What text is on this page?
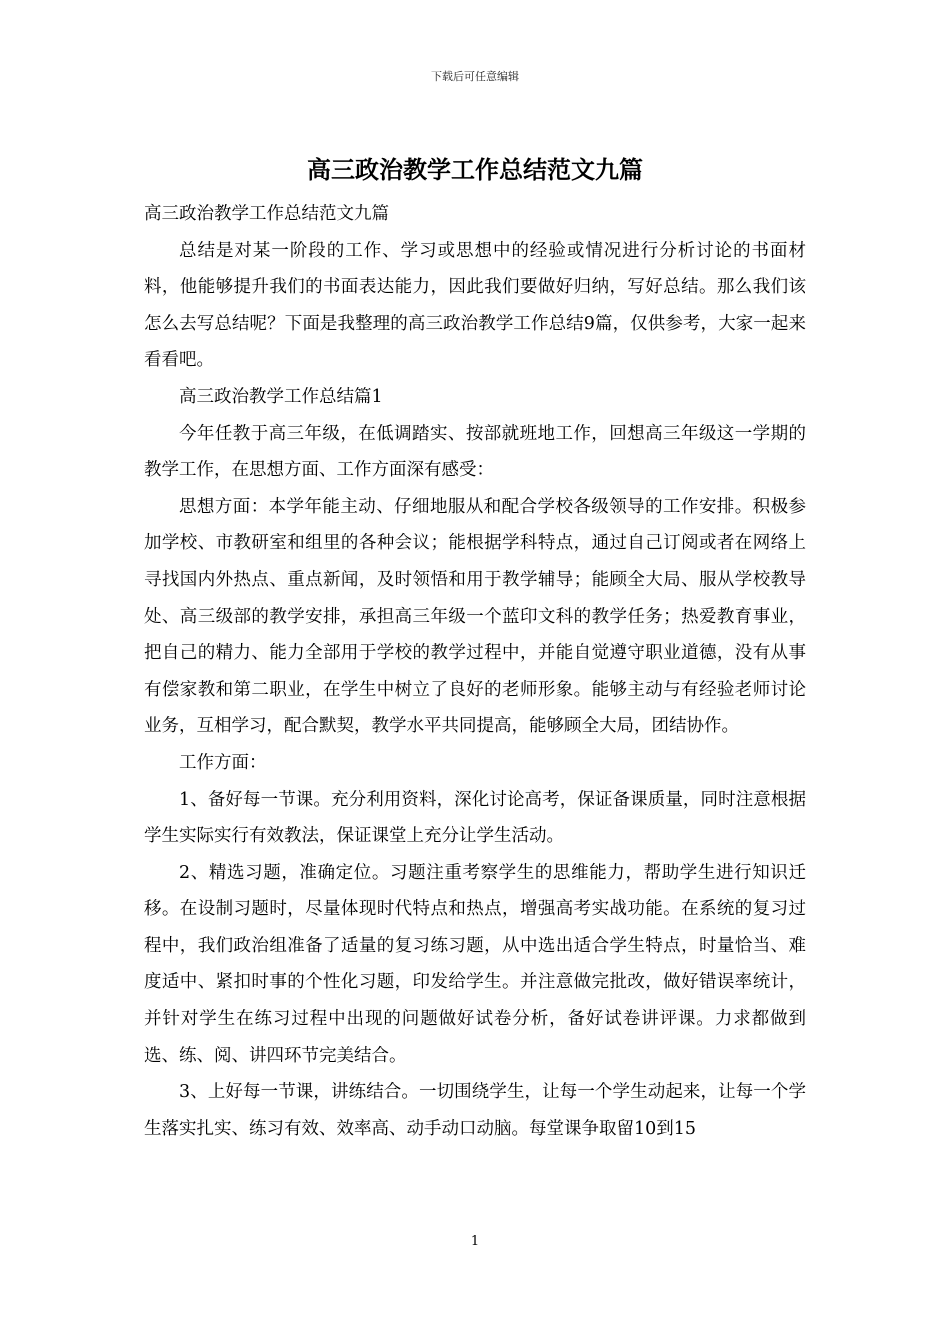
下载后可任意编辑
高三政治教学工作总结范文九篇

高三政治教学工作总结范文九篇

总结是对某一阶段的工作、学习或思想中的经验或情况进行分析讨论的书面材料，他能够提升我们的书面表达能力，因此我们要做好归纳，写好总结。那么我们该怎么去写总结呢？下面是我整理的高三政治教学工作总结9篇，仅供参考，大家一起来看看吧。

高三政治教学工作总结篇1

今年任教于高三年级，在低调踏实、按部就班地工作，回想高三年级这一学期的教学工作，在思想方面、工作方面深有感受：

思想方面：本学年能主动、仔细地服从和配合学校各级领导的工作安排。积极参加学校、市教研室和组里的各种会议；能根据学科特点，通过自己订阅或者在网络上寻找国内外热点、重点新闻，及时领悟和用于教学辅导；能顾全大局、服从学校教导处、高三级部的教学安排，承担高三年级一个蓝印文科的教学任务；热爱教育事业，把自己的精力、能力全部用于学校的教学过程中，并能自觉遵守职业道德，没有从事有偿家教和第二职业，在学生中树立了良好的老师形象。能够主动与有经验老师讨论业务，互相学习，配合默契，教学水平共同提高，能够顾全大局，团结协作。

工作方面：

1、备好每一节课。充分利用资料，深化讨论高考，保证备课质量，同时注意根据学生实际实行有效教法，保证课堂上充分让学生活动。

2、精选习题，准确定位。习题注重考察学生的思维能力，帮助学生进行知识迁移。在设制习题时，尽量体现时代特点和热点，增强高考实战功能。在系统的复习过程中，我们政治组准备了适量的复习练习题，从中选出适合学生特点，时量恰当、难度适中、紧扣时事的个性化习题，印发给学生。并注意做完批改，做好错误率统计，并针对学生在练习过程中出现的问题做好试卷分析，备好试卷讲评课。力求都做到选、练、阅、讲四环节完美结合。

3、上好每一节课，讲练结合。一切围绕学生，让每一个学生动起来，让每一个学生落实扎实、练习有效、效率高、动手动口动脑。每堂课争取留10到15

1
